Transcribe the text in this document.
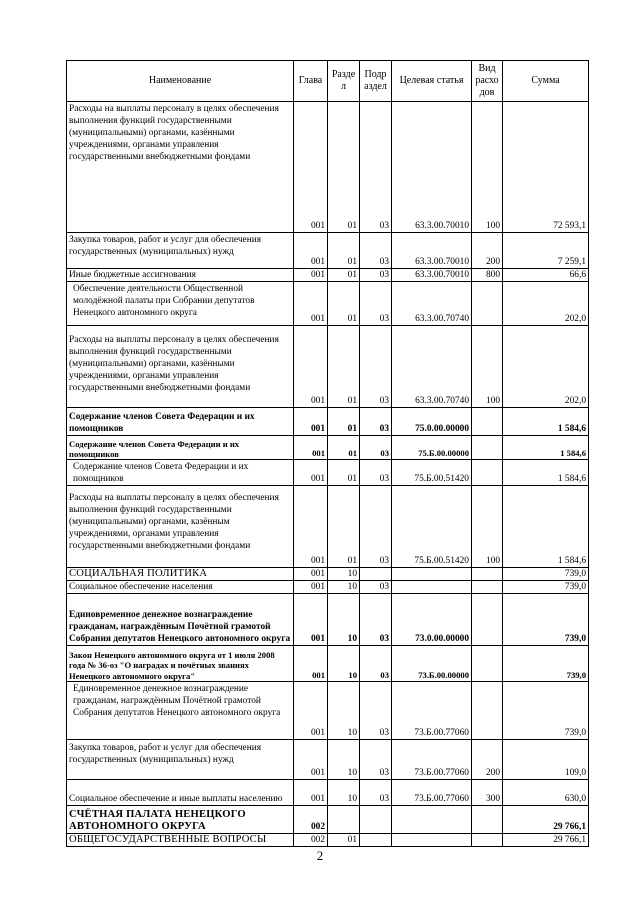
Наименование	Глава	Разде л	Подр аздел	Целевая статья	Вид расхо дов	Сумма
Расходы на выплаты персоналу в целях обеспечения выполнения функций государственными (муниципальными) органами, казёнными учреждениями, органами управления государственными внебюджетными фондами	001	01	03	63.3.00.70010	100	72 593,1
Закупка товаров, работ и услуг для обеспечения государственных (муниципальных) нужд	001	01	03	63.3.00.70010	200	7 259,1
Иные бюджетные ассигнования	001	01	03	63.3.00.70010	800	66,6
Обеспечение деятельности Общественной молодёжной палаты при Собрании депутатов Ненецкого автономного округа	001	01	03	63.3.00.70740		202,0
Расходы на выплаты персоналу в целях обеспечения выполнения функций государственными (муниципальными) органами, казёнными учреждениями, органами управления государственными внебюджетными фондами	001	01	03	63.3.00.70740	100	202,0
Содержание членов Совета Федерации и их помощников	001	01	03	75.0.00.00000		1 584,6
Содержание членов Совета Федерации и их помощников	001	01	03	75.Б.00.00000		1 584,6
Содержание членов Совета Федерации и их помощников	001	01	03	75.Б.00.51420		1 584,6
Расходы на выплаты персоналу в целях обеспечения выполнения функций государственными (муниципальными) органами, казённым учреждениями, органами управления государственными внебюджетными фондами	001	01	03	75.Б.00.51420	100	1 584,6
СОЦИАЛЬНАЯ ПОЛИТИКА	001	10				739,0
Социальное обеспечение населения	001	10	03			739,0
Единовременное денежное вознаграждение гражданам, награждённым Почётной грамотой Собрания депутатов Ненецкого автономного округа	001	10	03	73.0.00.00000		739,0
Закон Ненецкого автономного округа от 1 июля 2008 года № 36-оз "О наградах и почётных званиях Ненецкого автономного округа"	001	10	03	73.Б.00.00000		739,0
Единовременное денежное вознаграждение гражданам, награждённым Почётной грамотой Собрания депутатов Ненецкого автономного округа	001	10	03	73.Б.00.77060		739,0
Закупка товаров, работ и услуг для обеспечения государственных (муниципальных) нужд	001	10	03	73.Б.00.77060	200	109,0
Социальное обеспечение и иные выплаты населению	001	10	03	73.Б.00.77060	300	630,0
СЧЁТНАЯ ПАЛАТА НЕНЕЦКОГО АВТОНОМНОГО ОКРУГА	002					29 766,1
ОБЩЕГОСУДАРСТВЕННЫЕ ВОПРОСЫ	002	01				29 766,1
2
